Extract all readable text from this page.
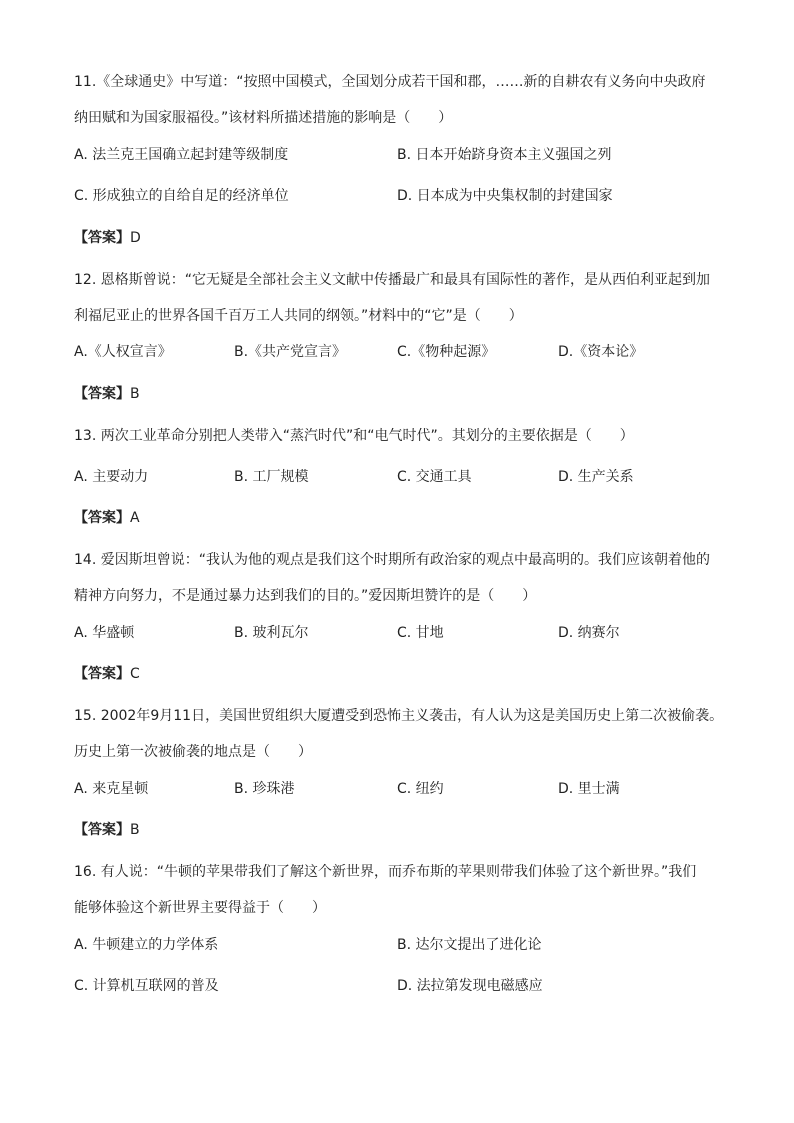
11.《全球通史》中写道：“按照中国模式，全国划分成若干国和郡，……新的自耕农有义务向中央政府
纳田赋和为国家服福役。”该材料所描述措施的影响是（　　）
A. 法兰克王国确立起封建等级制度	B. 日本开始跻身资本主义强国之列
C. 形成独立的自给自足的经济单位	D. 日本成为中央集权制的封建国家
【答案】D
12. 恩格斯曾说：“它无疑是全部社会主义文献中传播最广和最具有国际性的著作，是从西伯利亚起到加
利福尼亚止的世界各国千百万工人共同的纲领。”材料中的“它”是（　　）
A.《人权宣言》	B.《共产党宣言》	C.《物种起源》	D.《资本论》
【答案】B
13. 两次工业革命分别把人类带入“蒸汽时代”和“电气时代”。其划分的主要依据是（　　）
A. 主要动力	B. 工厂规模	C. 交通工具	D. 生产关系
【答案】A
14. 爱因斯坦曾说：“我认为他的观点是我们这个时期所有政治家的观点中最高明的。我们应该朝着他的
精神方向努力，不是通过暴力达到我们的目的。”爱因斯坦赞许的是（　　）
A. 华盛顿	B. 玻利瓦尔	C. 甘地	D. 纳赛尔
【答案】C
15. 2002年9月11日，美国世贸组织大厦遭受到恐怖主义袭击，有人认为这是美国历史上第二次被偷袭。
历史上第一次被偷袭的地点是（　　）
A. 来克星顿	B. 珍珠港	C. 纽约	D. 里士满
【答案】B
16. 有人说：“牛顿的苹果带我们了解这个新世界，而乔布斯的苹果则带我们体验了这个新世界。”我们
能够体验这个新世界主要得益于（　　）
A. 牛顿建立的力学体系	B. 达尔文提出了进化论
C. 计算机互联网的普及	D. 法拉第发现电磁感应
